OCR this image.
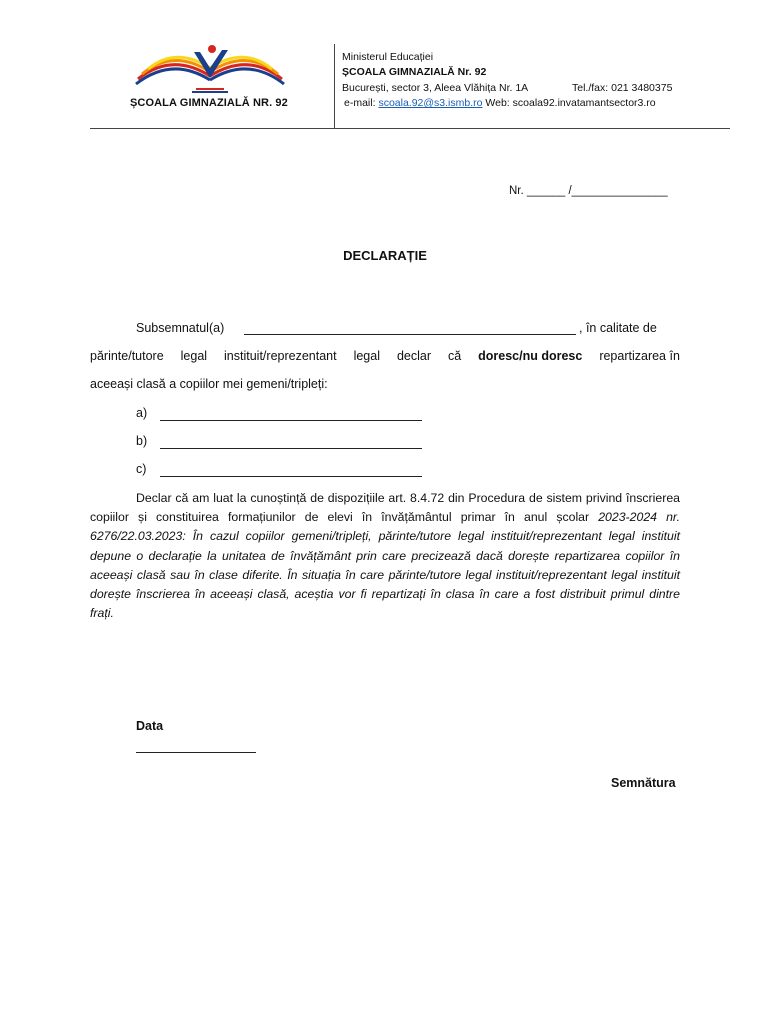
ȘCOALA GIMNAZIALĂ NR. 92
Ministerul Educației
ȘCOALA GIMNAZIALĂ Nr. 92
București, sector 3, Aleea Vlăhița Nr. 1A	Tel./fax: 021 3480375
e-mail: scoala.92@s3.ismb.ro Web: scoala92.invatamantsector3.ro
Nr. ______ /_______________
DECLARAȚIE
Subsemnatul(a)	, în calitate de
părinte/tutore legal instituit/reprezentant legal declar că doresc/nu doresc repartizarea în
aceeași clasă a copiilor mei gemeni/tripleți:
a)
b)
c)
Declar că am luat la cunoștință de dispozițiile art. 8.4.72 din Procedura de sistem privind înscrierea copiilor și constituirea formațiunilor de elevi în învățământul primar în anul școlar 2023-2024 nr. 6276/22.03.2023: În cazul copiilor gemeni/tripleți, părinte/tutore legal instituit/reprezentant legal instituit depune o declarație la unitatea de învățământ prin care precizează dacă dorește repartizarea copiilor în aceeași clasă sau în clase diferite. În situația în care părinte/tutore legal instituit/reprezentant legal instituit dorește înscrierea în aceeași clasă, aceștia vor fi repartizați în clasa în care a fost distribuit primul dintre frați.
Data
Semnătura
